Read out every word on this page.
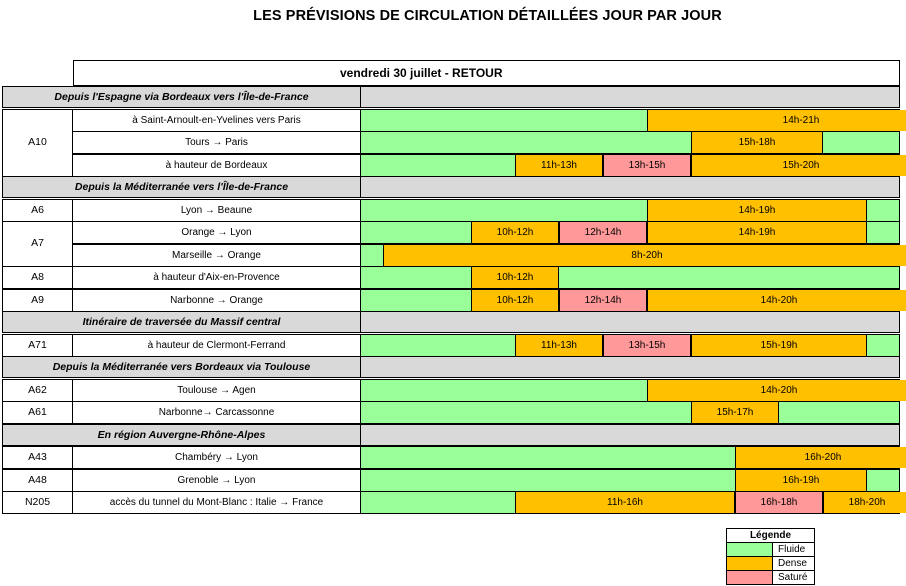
LES PRÉVISIONS DE CIRCULATION DÉTAILLÉES JOUR PAR JOUR
vendredi 30 juillet - RETOUR
Depuis l'Espagne via Bordeaux vers l'Île-de-France
A10
à Saint-Arnoult-en-Yvelines vers Paris	14h-21h
Tours → Paris	15h-18h
à hauteur de Bordeaux	11h-13h	13h-15h	15h-20h
Depuis la Méditerranée vers l'Île-de-France
A6	Lyon → Beaune	14h-19h
A7
Orange → Lyon	10h-12h	12h-14h	14h-19h
Marseille → Orange	8h-20h
A8	à hauteur d'Aix-en-Provence	10h-12h
A9	Narbonne → Orange	10h-12h	12h-14h	14h-20h
Itinéraire de traversée du Massif central
A71	à hauteur de Clermont-Ferrand	11h-13h	13h-15h	15h-19h
Depuis la Méditerranée vers Bordeaux via Toulouse
A62	Toulouse → Agen	14h-20h
A61	Narbonne→ Carcassonne	15h-17h
En région Auvergne-Rhône-Alpes
A43	Chambéry → Lyon	16h-20h
A48	Grenoble → Lyon	16h-19h
N205	accès du tunnel du Mont-Blanc : Italie → France	11h-16h	16h-18h	18h-20h
Légende
Fluide
Dense
Saturé
